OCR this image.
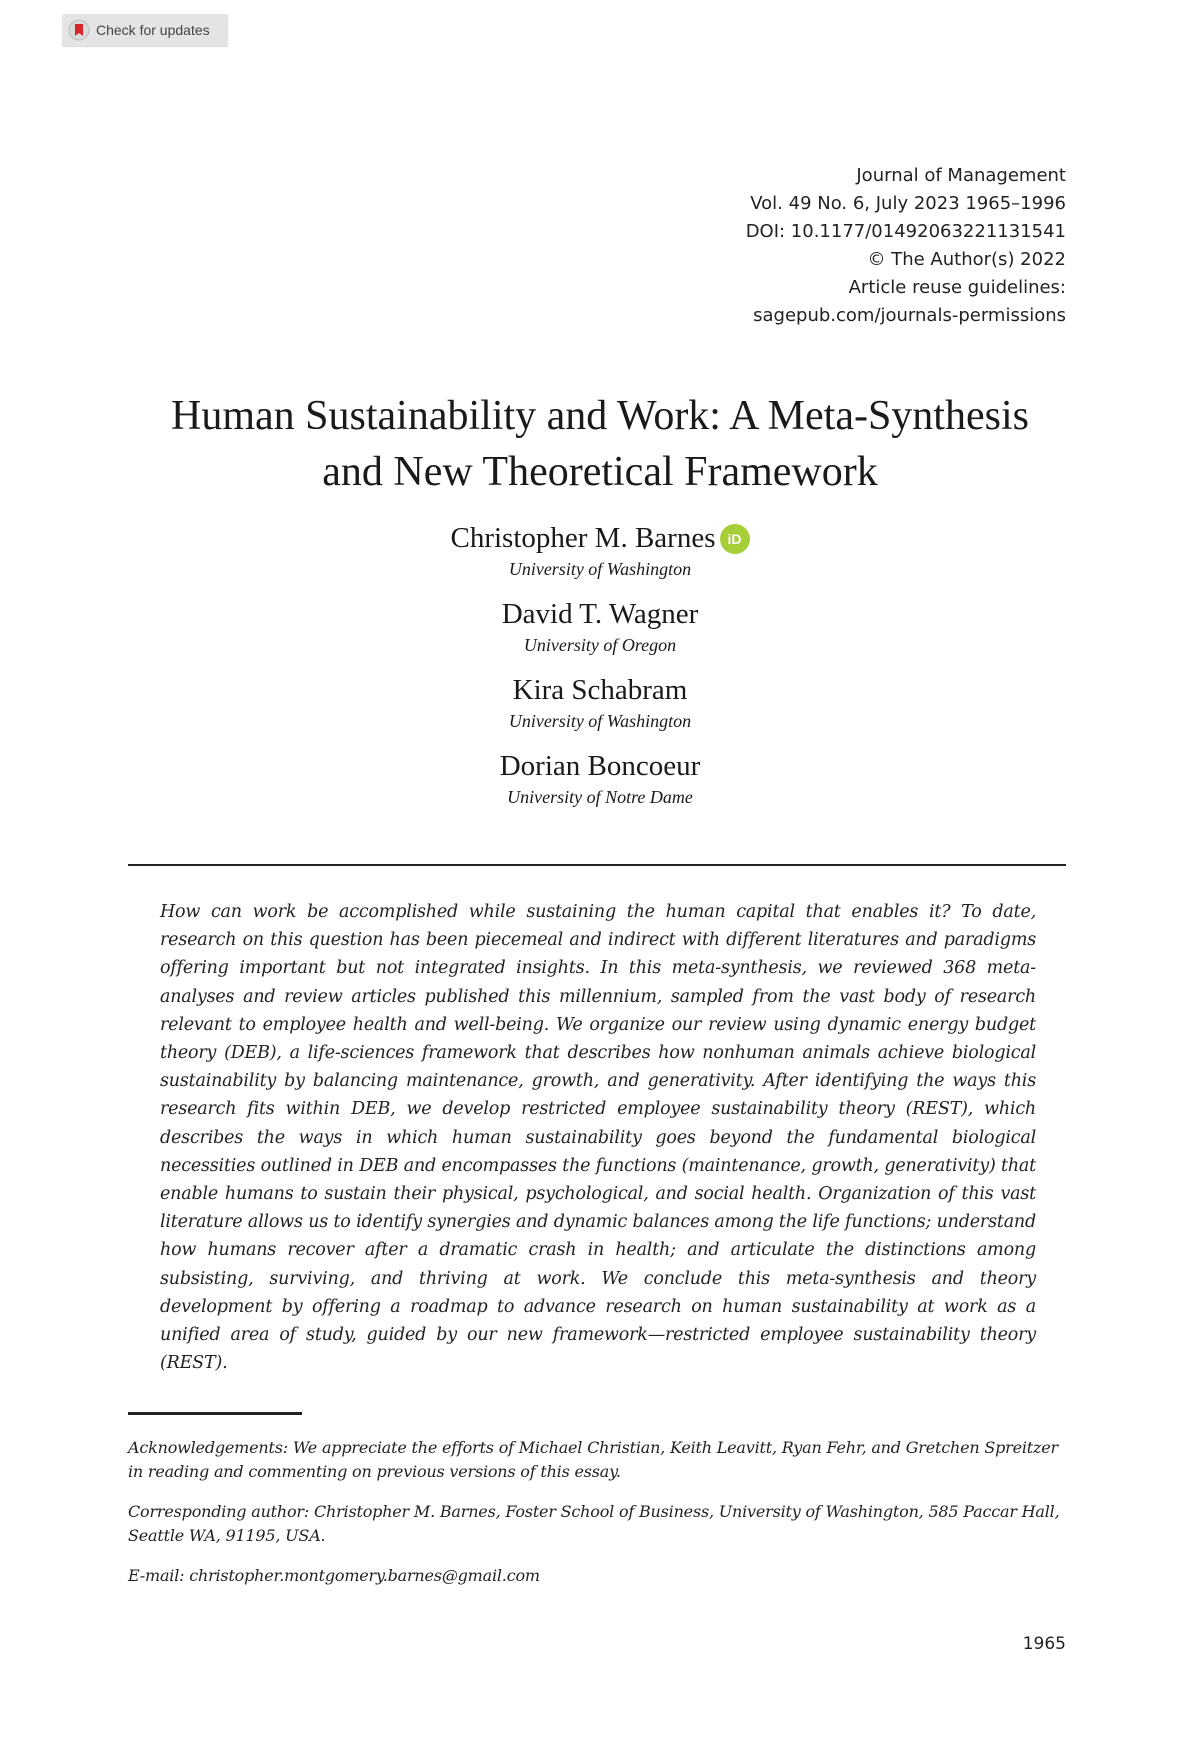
Check for updates
Journal of Management
Vol. 49 No. 6, July 2023 1965–1996
DOI: 10.1177/01492063221131541
© The Author(s) 2022
Article reuse guidelines:
sagepub.com/journals-permissions
Human Sustainability and Work: A Meta-Synthesis
and New Theoretical Framework
Christopher M. Barnes iD
University of Washington
David T. Wagner
University of Oregon
Kira Schabram
University of Washington
Dorian Boncoeur
University of Notre Dame
How can work be accomplished while sustaining the human capital that enables it? To date, research on this question has been piecemeal and indirect with different literatures and paradigms offering important but not integrated insights. In this meta-synthesis, we reviewed 368 meta-analyses and review articles published this millennium, sampled from the vast body of research relevant to employee health and well-being. We organize our review using dynamic energy budget theory (DEB), a life-sciences framework that describes how nonhuman animals achieve biological sustainability by balancing maintenance, growth, and generativity. After identifying the ways this research fits within DEB, we develop restricted employee sustainability theory (REST), which describes the ways in which human sustainability goes beyond the fundamental biological necessities outlined in DEB and encompasses the functions (maintenance, growth, generativity) that enable humans to sustain their physical, psychological, and social health. Organization of this vast literature allows us to identify synergies and dynamic balances among the life functions; understand how humans recover after a dramatic crash in health; and articulate the distinctions among subsisting, surviving, and thriving at work. We conclude this meta-synthesis and theory development by offering a roadmap to advance research on human sustainability at work as a unified area of study, guided by our new framework—restricted employee sustainability theory (REST).

Acknowledgements: We appreciate the efforts of Michael Christian, Keith Leavitt, Ryan Fehr, and Gretchen Spreitzer in reading and commenting on previous versions of this essay.

Corresponding author: Christopher M. Barnes, Foster School of Business, University of Washington, 585 Paccar Hall, Seattle WA, 91195, USA.

E-mail: christopher.montgomery.barnes@gmail.com

1965
